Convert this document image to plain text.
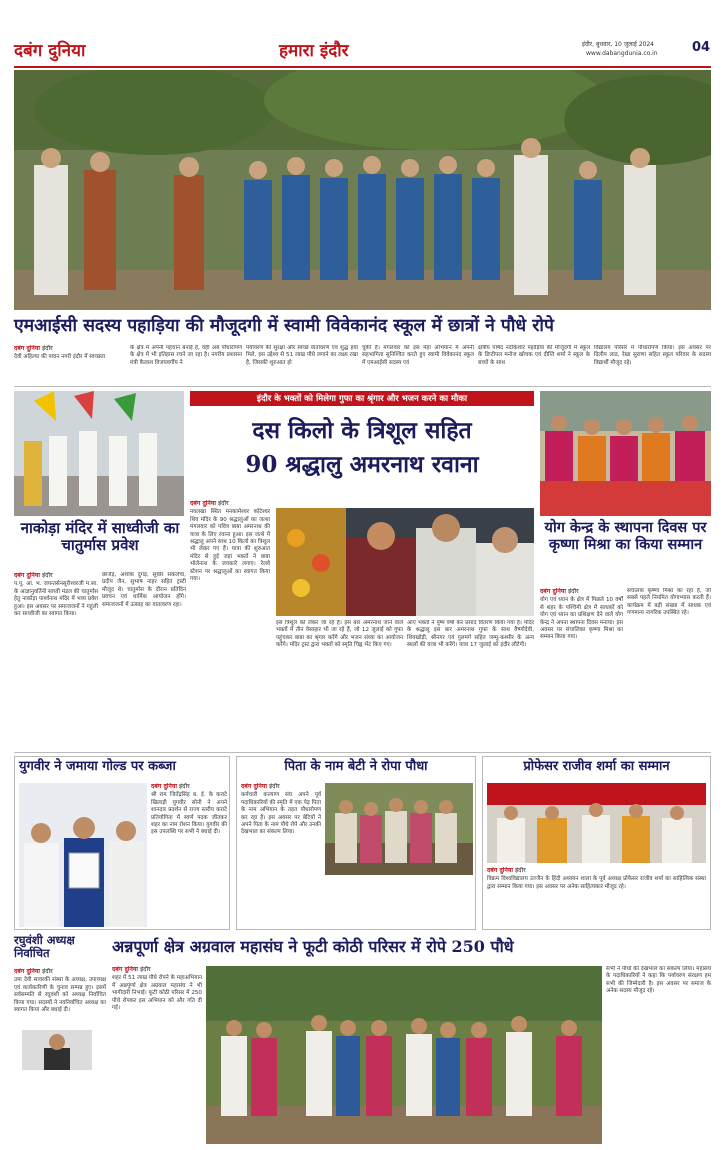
दबंग दुनिया	हमारा इंदौर	इंदौर, बुधवार, 10 जुलाई 2024
www.dabangdunia.co.in	04
एमआईसी सदस्य पहाड़िया की मौजूदगी में स्वामी विवेकानंद स्कूल में छात्रों ने पौधे रोपे
दबंग दुनिया इंदौर
देवी अहिल्या की पावन नगरी इंदौर में स्वच्छता
के क्षेत्र में अपनी पहचान बनाई है, वहीं अब पौधारोपण के क्षेत्र में भी इतिहास रचने जा रहा है। नगरीय प्रशासन मंत्री कैलाश विजयवर्गीय ने
पर्यावरण की सुरक्षा और स्वच्छ वातावरण एवं शुद्ध हवा मिले, इस उद्देश्य से 51 लाख पौधे लगाने का लक्ष्य रखा है, जिसकी शुरुआत हो
चुकी है। मंगलवार को इस महा अभियान में अपनी सहभागिता सुनिश्चित करते हुए स्वामी विवेकानंद स्कूल में एमआईसी सदस्य एवं
क्षेत्रीय पार्षद नंदकिशोर पहाड़िया की मौजूदगी में स्कूल के डिप्टीपल मनोज खोचक एवं दीप्ति शर्मा ने स्कूल के बच्चों के साथ
विद्यालय परिसर में पौधारोपण किया। इस अवसर पर दिलीप लाड, रेखा सुराणा सहित स्कूल परिवार के सदस्य विद्यार्थी मौजूद रहे।
नाकोड़ा मंदिर में साध्वीजी का चातुर्मास प्रवेश
दबंग दुनिया इंदौर
प.पू. आ. भ. जयन्तसेनसूरीश्वरजी म.सा. के आज्ञानुवर्तिनी साध्वी मंडल की चातुर्मास हेतु नाकोड़ा पार्श्वनाथ मंदिर में भव्य प्रवेश हुआ। इस अवसर पर समाजजनों ने गहुंली कर साध्वीजी का स्वागत किया।
छाजेड़, अशोक दुगड़, सुधीर सकलेचा, प्रदीप जैन, सुभाष नाहर सहित ट्रस्टी मौजूद थे। चातुर्मास के दौरान प्रतिदिन प्रवचन एवं धार्मिक आयोजन होंगे। समाजजनों में उत्साह का वातावरण रहा।
इंदौर के भक्तों को मिलेगा गुफा का श्रृंगार और भजन करने का मौका
दस किलो के त्रिशूल सहित
90 श्रद्धालु अमरनाथ रवाना
दबंग दुनिया इंदौर
नवलखा स्थित मनकामेश्वर कोटेश्वर शिव मंदिर के 90 श्रद्धालुओं का जत्था मंगलवार को पवित्र बाबा अमरनाथ की यात्रा के लिए रवाना हुआ। इस जत्थे में श्रद्धालु अपने साथ 10 किलो का त्रिशूल भी लेकर गए हैं। यात्रा की शुरुआत मंदिर से हुई जहां भक्तों ने बाबा भोलेनाथ के जयकारे लगाए। रेलवे स्टेशन पर श्रद्धालुओं का स्वागत किया गया।
इस त्रिशूल को लेकर जा रहे हैं। इस बार अमरनाथ जाने वाले भक्तों में तीन वेसाहार भी जा रहे हैं, जो 12 जुलाई को गुफा पहुंचकर बाबा का श्रृंगार करेंगे और भजन संध्या का आयोजन करेंगे। मंदिर ट्रस्ट द्वारा भक्तों को स्मृति चिह्न भेंट किए गए।
आए भक्तों ने पुष्प वर्षा कर प्रसाद वितरण किया गया है। मंदिर के श्रद्धालु इस बार अमरनाथ गुफा के साथ वैष्णोदेवी, शिवखोड़ी, श्रीनगर एवं गुलमर्ग सहित जम्मू-कश्मीर के अन्य स्थलों की यात्रा भी करेंगे। यात्रा 17 जुलाई को इंदौर लौटेगी।
योग केन्द्र के स्थापना दिवस पर कृष्णा मिश्रा का किया सम्मान
दबंग दुनिया इंदौर
योग एवं ध्यान के क्षेत्र में पिछले 10 वर्षों से शहर के पश्चिमी क्षेत्र में साधकों को योग एवं ध्यान का प्रशिक्षण देने वाले योग केन्द्र ने अपना स्थापना दिवस मनाया। इस अवसर पर संचालिका कृष्णा मिश्रा का सम्मान किया गया।
संचालक कृष्णा मिश्रा का रहा है, जो सबसे पहले नियमित योगाभ्यास करती हैं। कार्यक्रम में बड़ी संख्या में साधक एवं गणमान्य नागरिक उपस्थित रहे।
युगवीर ने जमाया गोल्ड पर कब्जा
दबंग दुनिया इंदौर
श्री राम जितेंद्रसिंह ब. ई. के कराटे खिलाड़ी युगवीर सोनी ने अपने शानदार प्रदर्शन से राज्य स्तरीय कराटे प्रतियोगिता में स्वर्ण पदक जीतकर शहर का नाम रोशन किया। युगवीर की इस उपलब्धि पर सभी ने बधाई दी।
पिता के नाम बेटी ने रोपा पौधा
दबंग दुनिया इंदौर
कर्मचारी कल्याण संघ अपने पूर्व पदाधिकारियों की स्मृति में एक पेड़ पिता के नाम अभियान के तहत पौधारोपण कर रहा है। इस अवसर पर बेटियों ने अपने पिता के नाम पौधे रोपे और उनकी देखभाल का संकल्प लिया।
प्रोफेसर राजीव शर्मा का सम्मान
दबंग दुनिया इंदौर
विक्रम विश्वविद्यालय उज्जैन के हिंदी अध्ययन शाला के पूर्व अध्यक्ष प्रोफेसर राजीव शर्मा का साहित्यिक संस्था द्वारा सम्मान किया गया। इस अवसर पर अनेक साहित्यकार मौजूद रहे।
रघुवंशी अध्यक्ष निर्वाचित
दबंग दुनिया इंदौर
उमा देवी सावरकी संस्था के अध्यक्ष, उपाध्यक्ष एवं कार्यकारिणी के चुनाव सम्पन्न हुए। इसमें सर्वसम्मति से रघुवंशी को अध्यक्ष निर्वाचित किया गया। सदस्यों ने नवनिर्वाचित अध्यक्ष का स्वागत किया और बधाई दी।
अन्नपूर्णा क्षेत्र अग्रवाल महासंघ ने फूटी कोठी परिसर में रोपे 250 पौधे
दबंग दुनिया इंदौर
शहर में 51 लाख पौधे रोपने के महाअभियान में अन्नपूर्णा क्षेत्र अग्रवाल महासंघ ने भी भागीदारी निभाई। फूटी कोठी परिसर में 250 पौधे रोपकर इस अभियान को और गति दी गई।
सभी ने पौधों की देखभाल का संकल्प लिया। महासंघ के पदाधिकारियों ने कहा कि पर्यावरण संरक्षण हम सभी की जिम्मेदारी है। इस अवसर पर समाज के अनेक सदस्य मौजूद रहे।
